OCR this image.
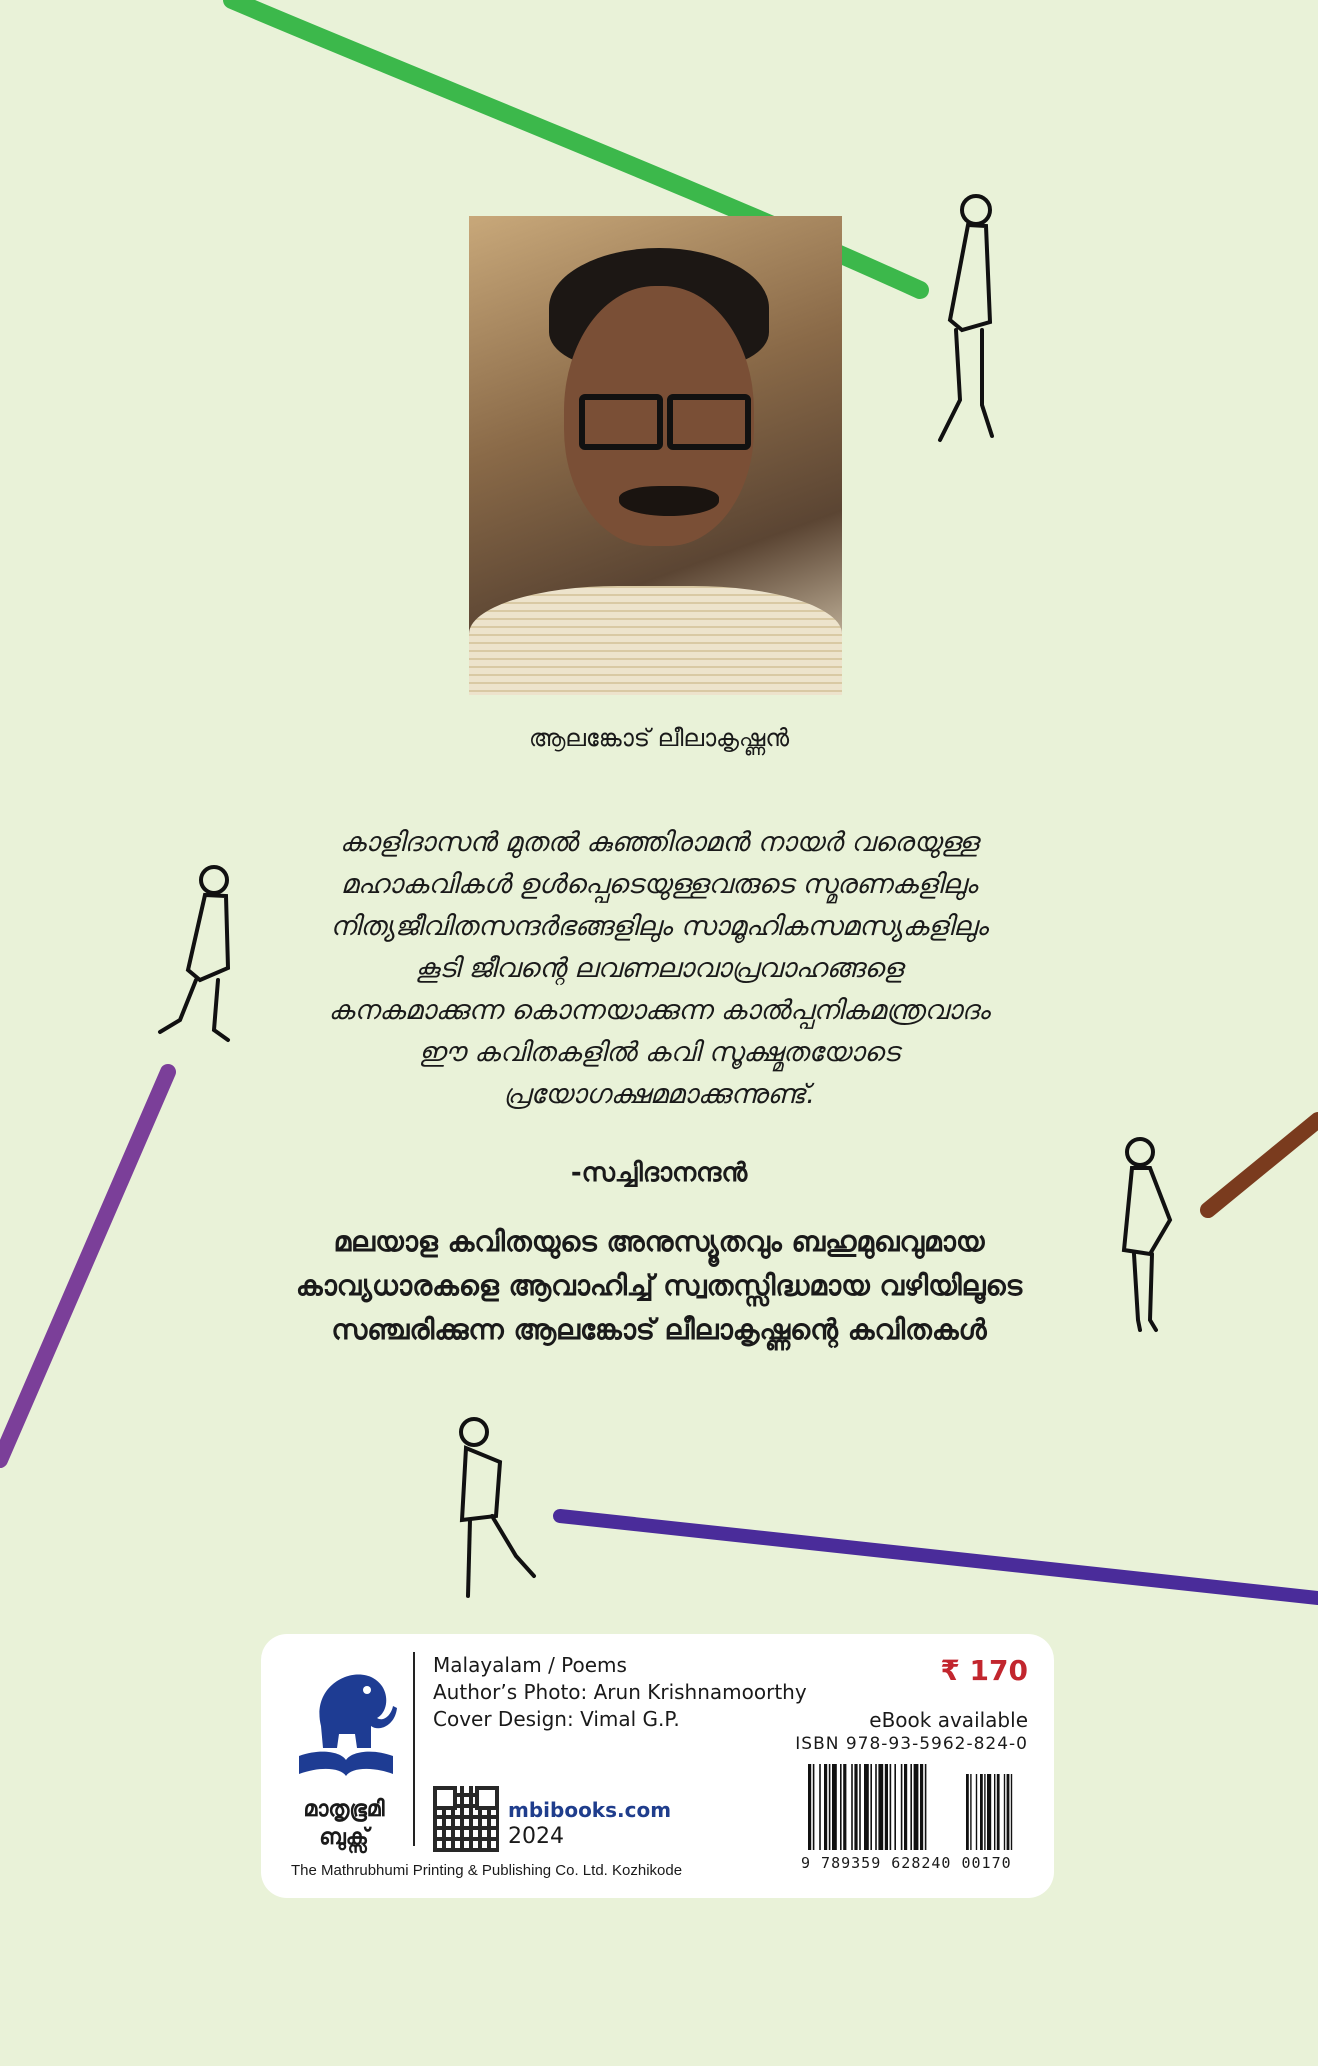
ആലങ്കോട് ലീലാകൃഷ്ണൻ

കാളിദാസൻ മുതൽ കുഞ്ഞിരാമൻ നായർ വരെയുള്ള
മഹാകവികൾ ഉൾപ്പെടെയുള്ളവരുടെ സ്മരണകളിലും
നിത്യജീവിതസന്ദർഭങ്ങളിലും സാമൂഹികസമസ്യകളിലും
കൂടി ജീവന്റെ ലവണലാവാപ്രവാഹങ്ങളെ
കനകമാക്കുന്ന കൊന്നയാക്കുന്ന കാൽപ്പനികമന്ത്രവാദം
ഈ കവിതകളിൽ കവി സൂക്ഷ്മതയോടെ
പ്രയോഗക്ഷമമാക്കുന്നുണ്ട്.

-സച്ചിദാനന്ദൻ

മലയാള കവിതയുടെ അനുസ്യൂതവും ബഹുമുഖവുമായ
കാവ്യധാരകളെ ആവാഹിച്ച് സ്വതസ്സിദ്ധമായ വഴിയിലൂടെ
സഞ്ചരിക്കുന്ന ആലങ്കോട് ലീലാകൃഷ്ണന്റെ കവിതകൾ

മാതൃഭൂമി
ബുക്സ്
Malayalam / Poems
Author’s Photo: Arun Krishnamoorthy
Cover Design: Vimal G.P.
mbibooks.com
2024
The Mathrubhumi Printing & Publishing Co. Ltd. Kozhikode
₹ 170
eBook available
ISBN 978-93-5962-824-0
9 789359 628240 00170
